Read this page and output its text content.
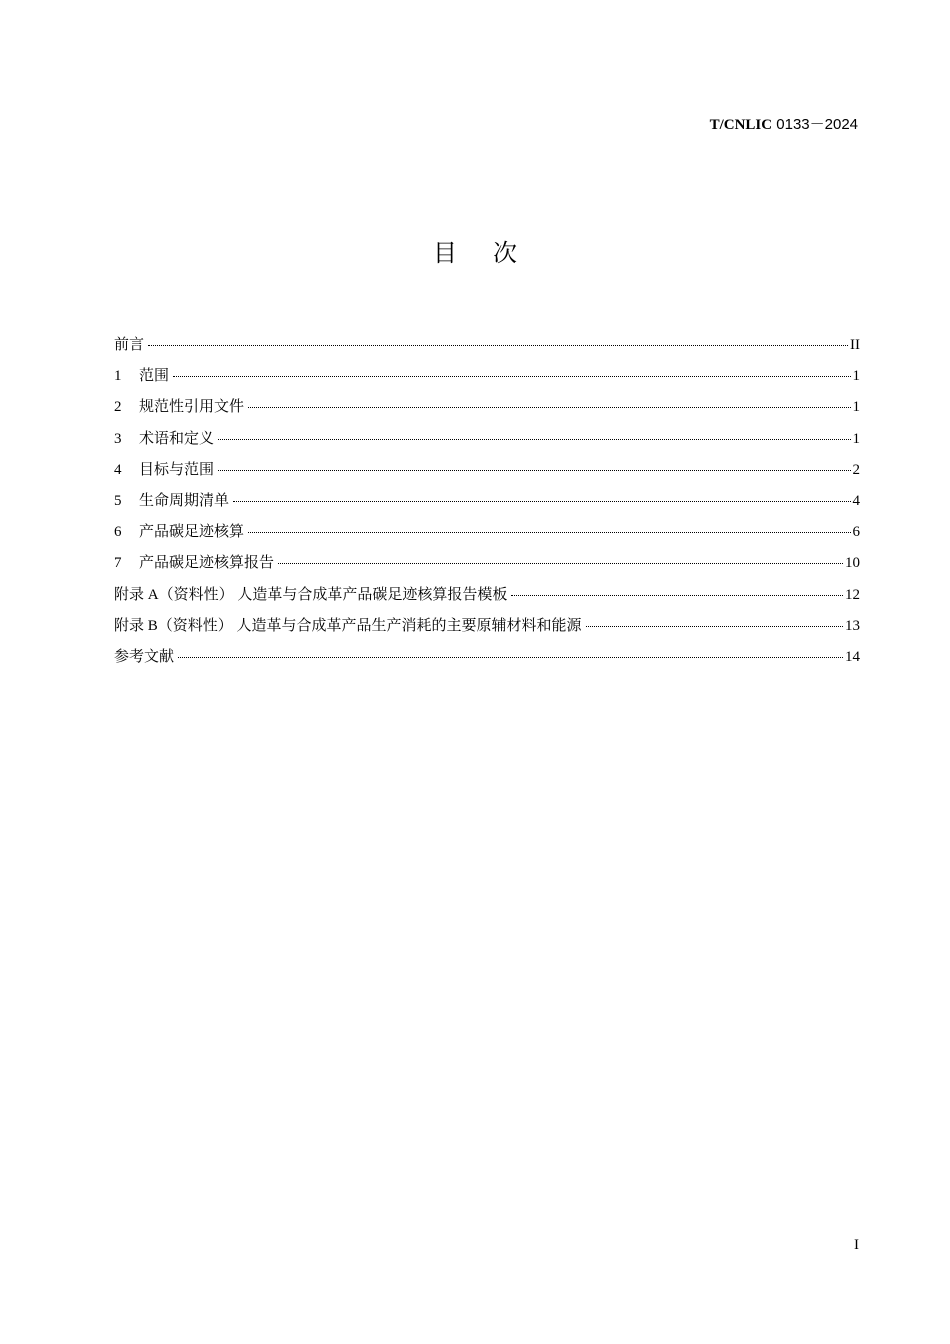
T/CNLIC 0133－2024
目次
前言	II
1 范围	1
2 规范性引用文件	1
3 术语和定义	1
4 目标与范围	2
5 生命周期清单	4
6 产品碳足迹核算	6
7 产品碳足迹核算报告	10
附录 A（资料性） 人造革与合成革产品碳足迹核算报告模板	12
附录 B（资料性） 人造革与合成革产品生产消耗的主要原辅材料和能源	13
参考文献	14
I
